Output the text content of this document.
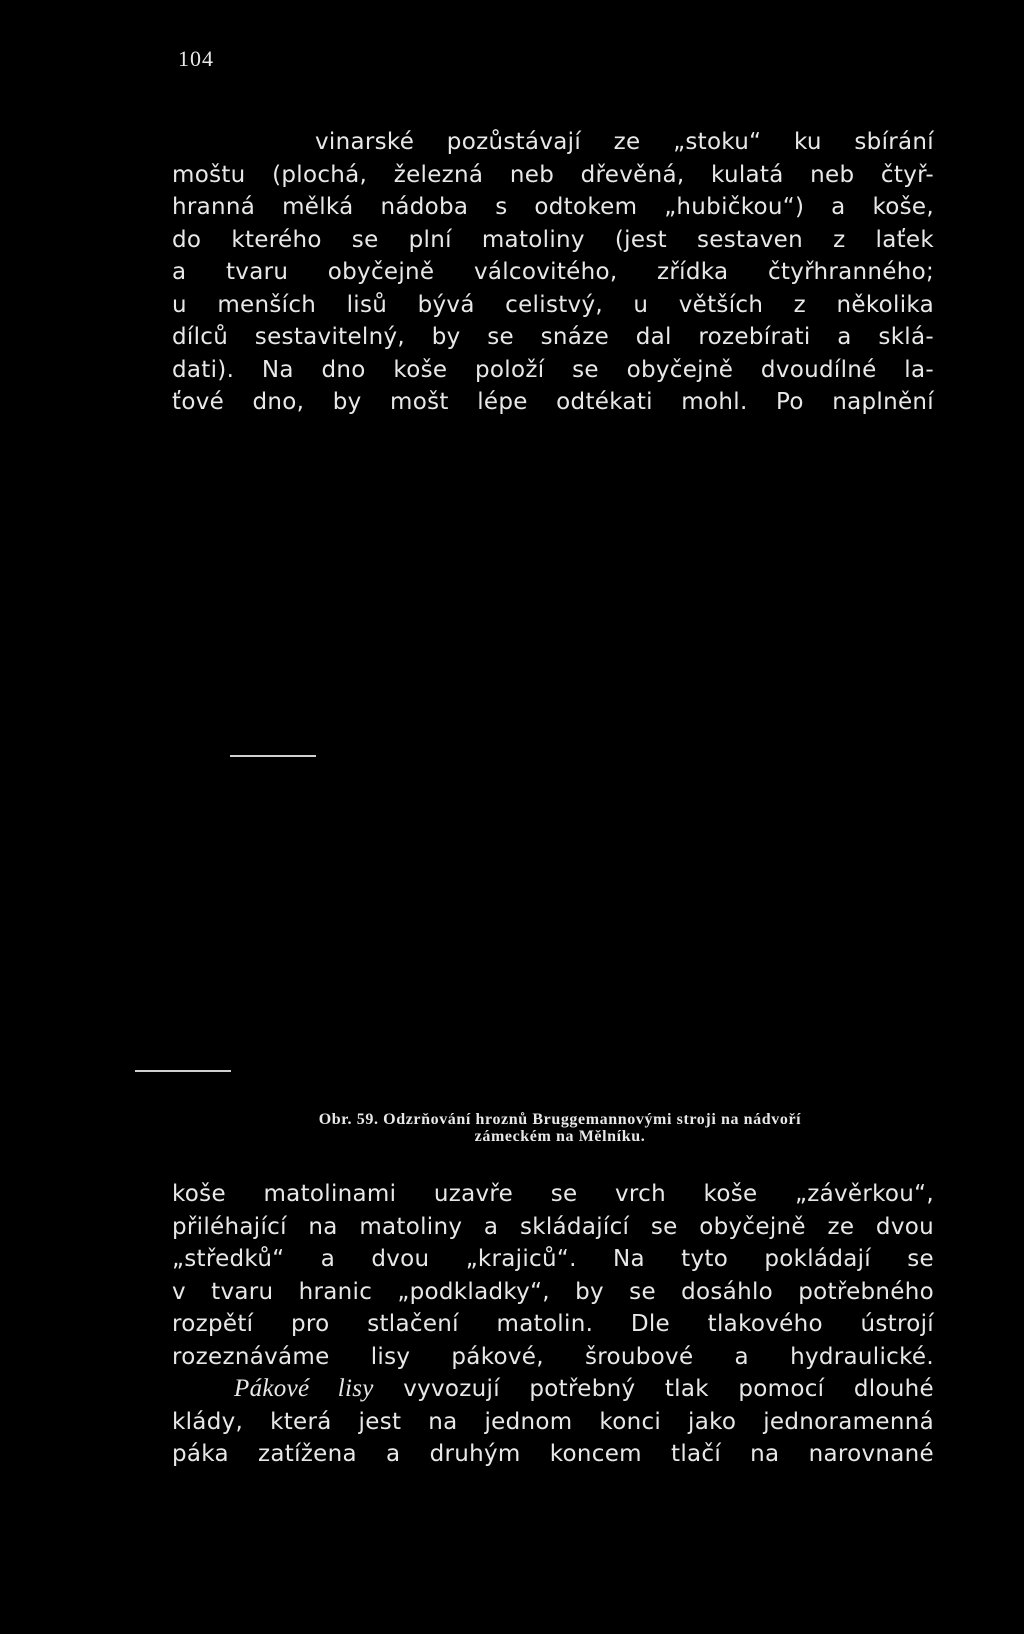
104
vinarské pozůstávají ze „stoku“ ku sbírání
moštu (plochá, železná neb dřevěná, kulatá neb čtyř-
hranná mělká nádoba s odtokem „hubičkou“) a koše,
do kterého se plní matoliny (jest sestaven z laťek
a tvaru obyčejně válcovitého, zřídka čtyřhranného;
u menších lisů bývá celistvý, u větších z několika
dílců sestavitelný, by se snáze dal rozebírati a sklá-
dati). Na dno koše položí se obyčejně dvoudílné la-
ťové dno, by mošt lépe odtékati mohl. Po naplnění
Obr. 59. Odzrňování hroznů Bruggemannovými stroji na nádvoří
zámeckém na Mělníku.
koše matolinami uzavře se vrch koše „závěrkou“,
přiléhající na matoliny a skládající se obyčejně ze dvou
„středků“ a dvou „krajiců“. Na tyto pokládají se
v tvaru hranic „podkladky“, by se dosáhlo potřebného
rozpětí pro stlačení matolin. Dle tlakového ústrojí
rozeznáváme lisy pákové, šroubové a hydraulické.
Pákové lisy vyvozují potřebný tlak pomocí dlouhé
klády, která jest na jednom konci jako jednoramenná
páka zatížena a druhým koncem tlačí na narovnané
